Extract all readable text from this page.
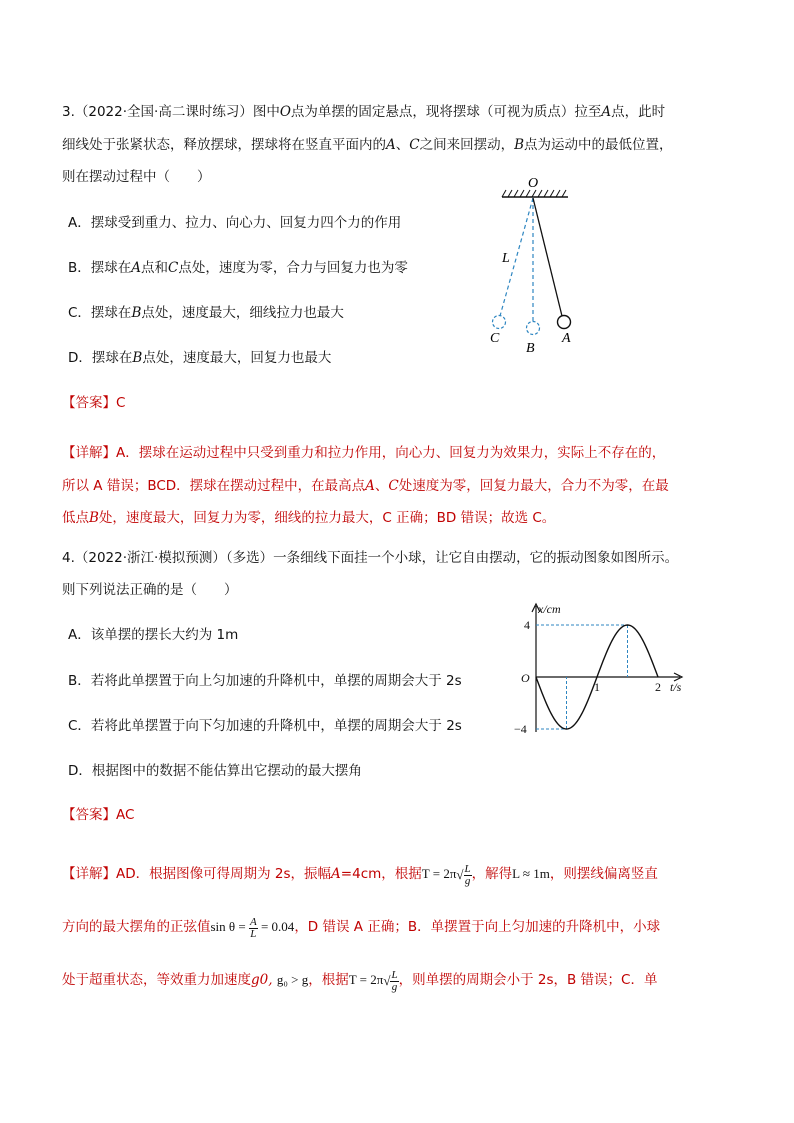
3.（2022·全国·高二课时练习）图中O点为单摆的固定悬点，现将摆球（可视为质点）拉至A点，此时
细线处于张紧状态，释放摆球，摆球将在竖直平面内的A、C之间来回摆动，B点为运动中的最低位置，
则在摆动过程中（　　）
A．摆球受到重力、拉力、向心力、回复力四个力的作用
B．摆球在A点和C点处，速度为零，合力与回复力也为零
C．摆球在B点处，速度最大，细线拉力也最大
D．摆球在B点处，速度最大，回复力也最大
O
L
C
B
A
【答案】C
【详解】A．摆球在运动过程中只受到重力和拉力作用，向心力、回复力为效果力，实际上不存在的，
所以 A 错误；BCD．摆球在摆动过程中，在最高点A、C处速度为零，回复力最大，合力不为零，在最
低点B处，速度最大，回复力为零，细线的拉力最大，C 正确；BD 错误；故选 C。
4.（2022·浙江·模拟预测）（多选）一条细线下面挂一个小球，让它自由摆动，它的振动图象如图所示。
则下列说法正确的是（　　）
A．该单摆的摆长大约为 1m
B．若将此单摆置于向上匀加速的升降机中，单摆的周期会大于 2s
C．若将此单摆置于向下匀加速的升降机中，单摆的周期会大于 2s
D．根据图中的数据不能估算出它摆动的最大摆角
4
−4
1	2
O
x/cm
t/s
【答案】AC
【详解】AD．根据图像可得周期为 2s，振幅A=4cm，根据$T = 2\pi√ \frac{L}{g}$ ，解得L ≈ 1m，则摆线偏离竖直
方向的最大摆角的正弦值$\sin \theta = \frac{A}{L} = 0.04$，D 错误 A 正确；B．单摆置于向上匀加速的升降机中，小球
处于超重状态，等效重力加速度g0, g₀ > g，根据$T = 2\pi√ \frac{L}{g}$ ，则单摆的周期会小于 2s，B 错误；C．单
